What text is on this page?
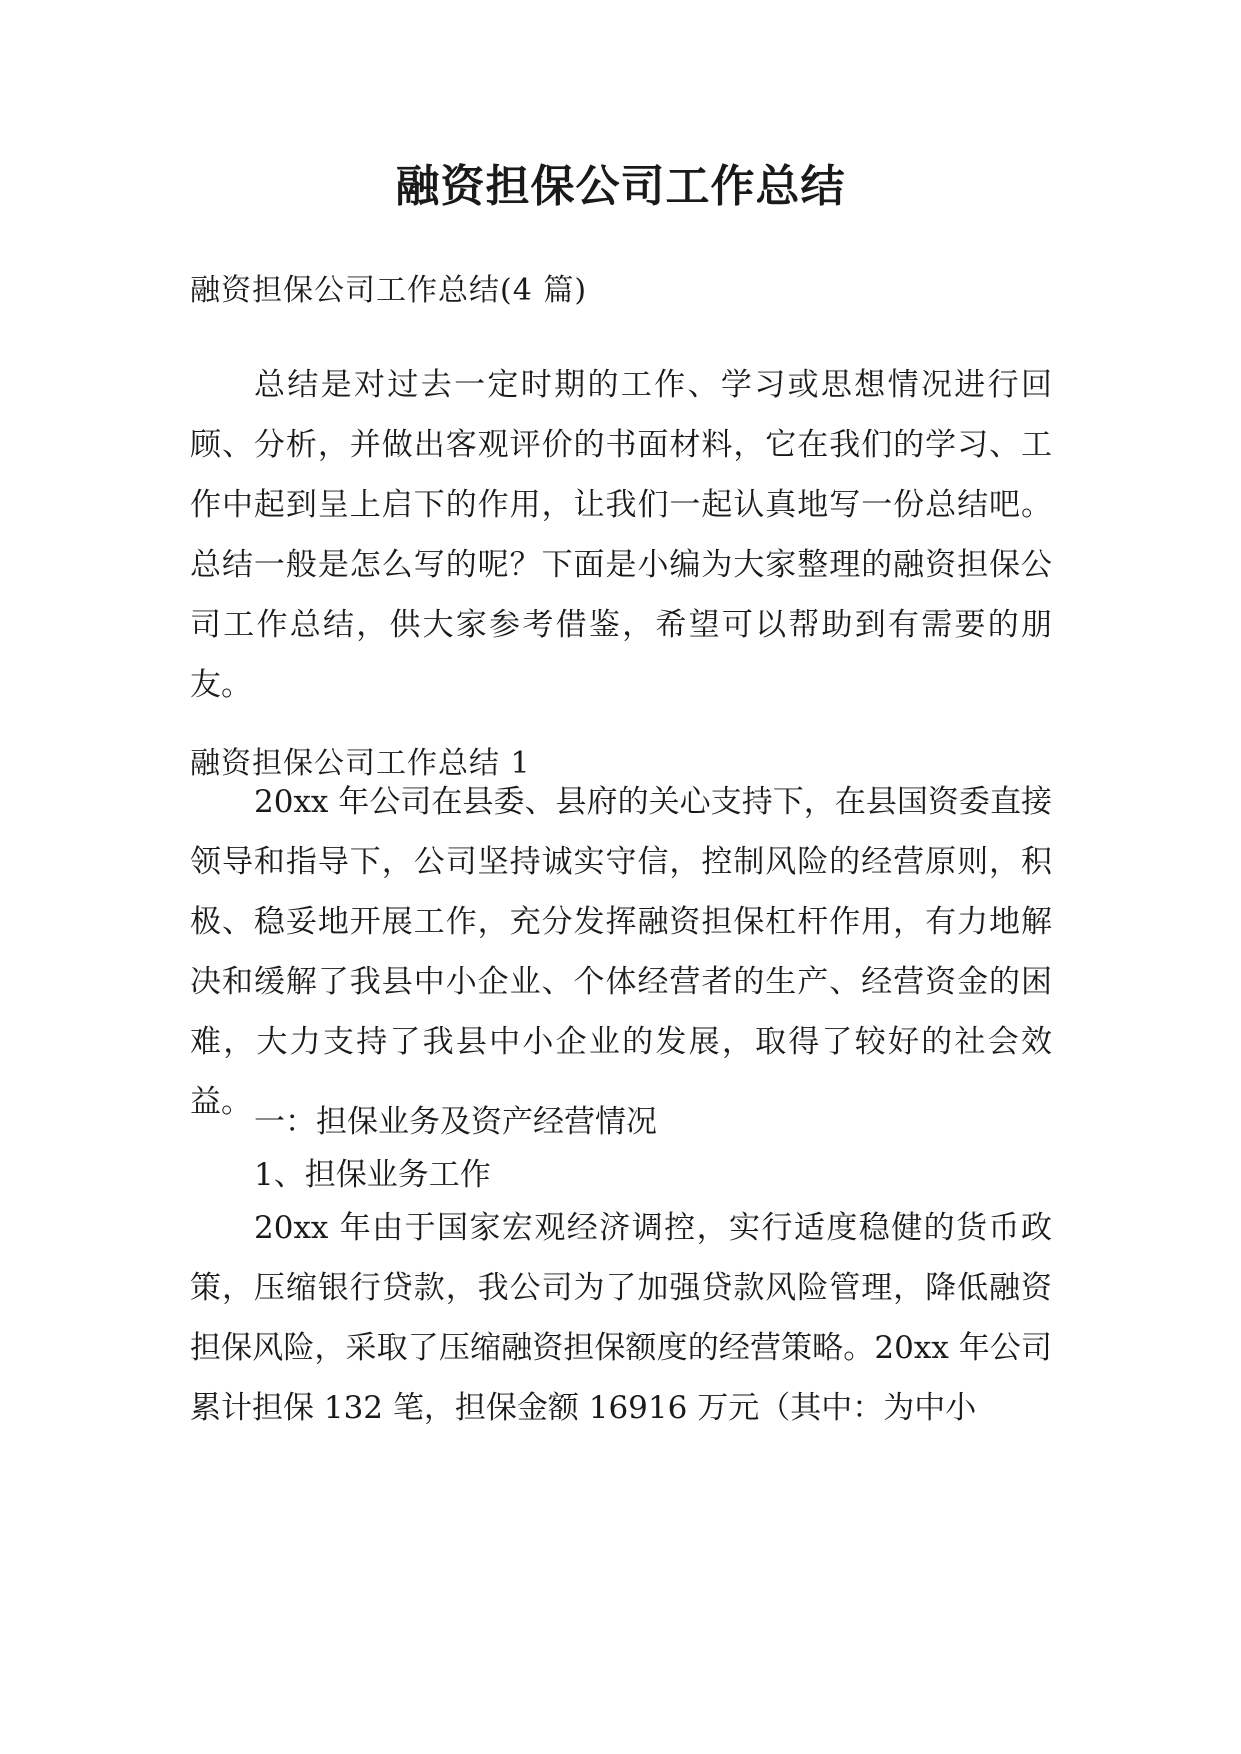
融资担保公司工作总结

融资担保公司工作总结(4 篇)

总结是对过去一定时期的工作、学习或思想情况进行回顾、分析，并做出客观评价的书面材料，它在我们的学习、工作中起到呈上启下的作用，让我们一起认真地写一份总结吧。总结一般是怎么写的呢？下面是小编为大家整理的融资担保公司工作总结，供大家参考借鉴，希望可以帮助到有需要的朋友。

融资担保公司工作总结 1

20xx 年公司在县委、县府的关心支持下，在县国资委直接领导和指导下，公司坚持诚实守信，控制风险的经营原则，积极、稳妥地开展工作，充分发挥融资担保杠杆作用，有力地解决和缓解了我县中小企业、个体经营者的生产、经营资金的困难，大力支持了我县中小企业的发展，取得了较好的社会效益。

一：担保业务及资产经营情况

1、担保业务工作

20xx 年由于国家宏观经济调控，实行适度稳健的货币政策，压缩银行贷款，我公司为了加强贷款风险管理，降低融资担保风险，采取了压缩融资担保额度的经营策略。20xx 年公司累计担保 132 笔，担保金额 16916 万元（其中：为中小
